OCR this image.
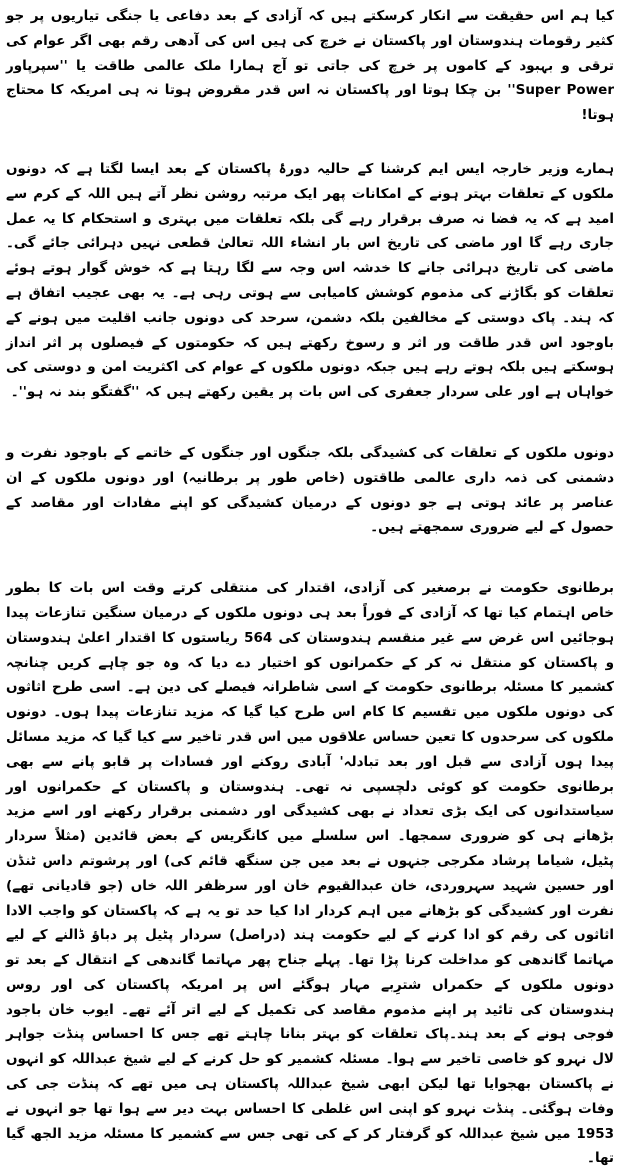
کیا ہم اس حقیقت سے انکار کرسکتے ہیں کہ آزادی کے بعد دفاعی یا جنگی تیاریوں پر جو کثیر رقومات ہندوستان اور پاکستان نے خرچ کی ہیں اس کی آدھی رقم بھی اگر عوام کی ترقی و بہبود کے کاموں پر خرچ کی جاتی تو آج ہمارا ملک عالمی طاقت یا ''سپرپاور Super Power'' بن چکا ہوتا اور پاکستان نہ اس قدر مقروض ہوتا نہ ہی امریکہ کا محتاج ہوتا!

ہمارے وزیر خارجہ ایس ایم کرشنا کے حالیہ دورۂ پاکستان کے بعد ایسا لگتا ہے کہ دونوں ملکوں کے تعلقات بہتر ہونے کے امکانات پھر ایک مرتبہ روشن نظر آتے ہیں اللہ کے کرم سے امید ہے کہ یہ فضا نہ صرف برقرار رہے گی بلکہ تعلقات میں بہتری و استحکام کا یہ عمل جاری رہے گا اور ماضی کی تاریخ اس بار انشاء اللہ تعالیٰ قطعی نہیں دہرائی جائے گی۔ ماضی کی تاریخ دہرائی جانے کا خدشہ اس وجہ سے لگا رہتا ہے کہ خوش گوار ہوتے ہوئے تعلقات کو بگاڑنے کی مذموم کوشش کامیابی سے ہوتی رہی ہے۔ یہ بھی عجیب اتفاق ہے کہ ہند۔ پاک دوستی کے مخالفین بلکہ دشمن، سرحد کی دونوں جانب اقلیت میں ہونے کے باوجود اس قدر طاقت ور اثر و رسوخ رکھتے ہیں کہ حکومتوں کے فیصلوں پر اثر انداز ہوسکتے ہیں بلکہ ہوتے رہے ہیں جبکہ دونوں ملکوں کے عوام کی اکثریت امن و دوستی کی خواہاں ہے اور علی سردار جعفری کی اس بات پر یقین رکھتے ہیں کہ ''گفتگو بند نہ ہو''۔

دونوں ملکوں کے تعلقات کی کشیدگی بلکہ جنگوں اور جنگوں کے خاتمے کے باوجود نفرت و دشمنی کی ذمہ داری عالمی طاقتوں (خاص طور پر برطانیہ) اور دونوں ملکوں کے ان عناصر پر عائد ہوتی ہے جو دونوں کے درمیان کشیدگی کو اپنے مفادات اور مقاصد کے حصول کے لیے ضروری سمجھتے ہیں۔

برطانوی حکومت نے برصغیر کی آزادی، اقتدار کی منتقلی کرتے وقت اس بات کا بطور خاص اہتمام کیا تھا کہ آزادی کے فوراً بعد ہی دونوں ملکوں کے درمیان سنگین تنازعات پیدا ہوجائیں اس غرض سے غیر منقسم ہندوستان کی 564 ریاستوں کا اقتدار اعلیٰ ہندوستان و پاکستان کو منتقل نہ کر کے حکمرانوں کو اختیار دے دیا کہ وہ جو چاہے کریں چنانچہ کشمیر کا مسئلہ برطانوی حکومت کے اسی شاطرانہ فیصلے کی دین ہے۔ اسی طرح اثاثوں کی دونوں ملکوں میں تقسیم کا کام اس طرح کیا گیا کہ مزید تنازعات پیدا ہوں۔ دونوں ملکوں کی سرحدوں کا تعین حساس علاقوں میں اس قدر تاخیر سے کیا گیا کہ مزید مسائل پیدا ہوں آزادی سے قبل اور بعد تبادلہ' آبادی روکنے اور فسادات پر قابو پانے سے بھی برطانوی حکومت کو کوئی دلچسپی نہ تھی۔ ہندوستان و پاکستان کے حکمرانوں اور سیاستدانوں کی ایک بڑی تعداد نے بھی کشیدگی اور دشمنی برقرار رکھنے اور اسے مزید بڑھانے ہی کو ضروری سمجھا۔ اس سلسلے میں کانگریس کے بعض قائدین (مثلاً سردار پٹیل، شیاما پرشاد مکرجی جنہوں نے بعد میں جن سنگھ قائم کی) اور پرشوتم داس ٹنڈن اور حسین شہید سہروردی، خان عبدالقیوم خان اور سرظفر اللہ خاں (جو قادیانی تھے) نفرت اور کشیدگی کو بڑھانے میں اہم کردار ادا کیا حد تو یہ ہے کہ پاکستان کو واجب الادا اثاثوں کی رقم کو ادا کرنے کے لیے حکومت ہند (دراصل) سردار پٹیل پر دباؤ ڈالنے کے لیے مہاتما گاندھی کو مداخلت کرنا پڑا تھا۔ پہلے جناح پھر مہاتما گاندھی کے انتقال کے بعد تو دونوں ملکوں کے حکمراں شترِبے مہار ہوگئے اس پر امریکہ پاکستان کی اور روس ہندوستان کی تائید پر اپنے مذموم مقاصد کی تکمیل کے لیے اتر آئے تھے۔ ایوب خان باجود فوجی ہونے کے بعد ہند۔پاک تعلقات کو بہتر بنانا چاہتے تھے جس کا احساس پنڈت جواہر لال نہرو کو خاصی تاخیر سے ہوا۔ مسئلہ کشمیر کو حل کرنے کے لیے شیخ عبداللہ کو انہوں نے پاکستان بھجوایا تھا لیکن ابھی شیخ عبداللہ پاکستان ہی میں تھے کہ پنڈت جی کی وفات ہوگئی۔ پنڈت نہرو کو اپنی اس غلطی کا احساس بہت دیر سے ہوا تھا جو انہوں نے 1953 میں شیخ عبداللہ کو گرفتار کر کے کی تھی جس سے کشمیر کا مسئلہ مزید الجھ گیا تھا۔
